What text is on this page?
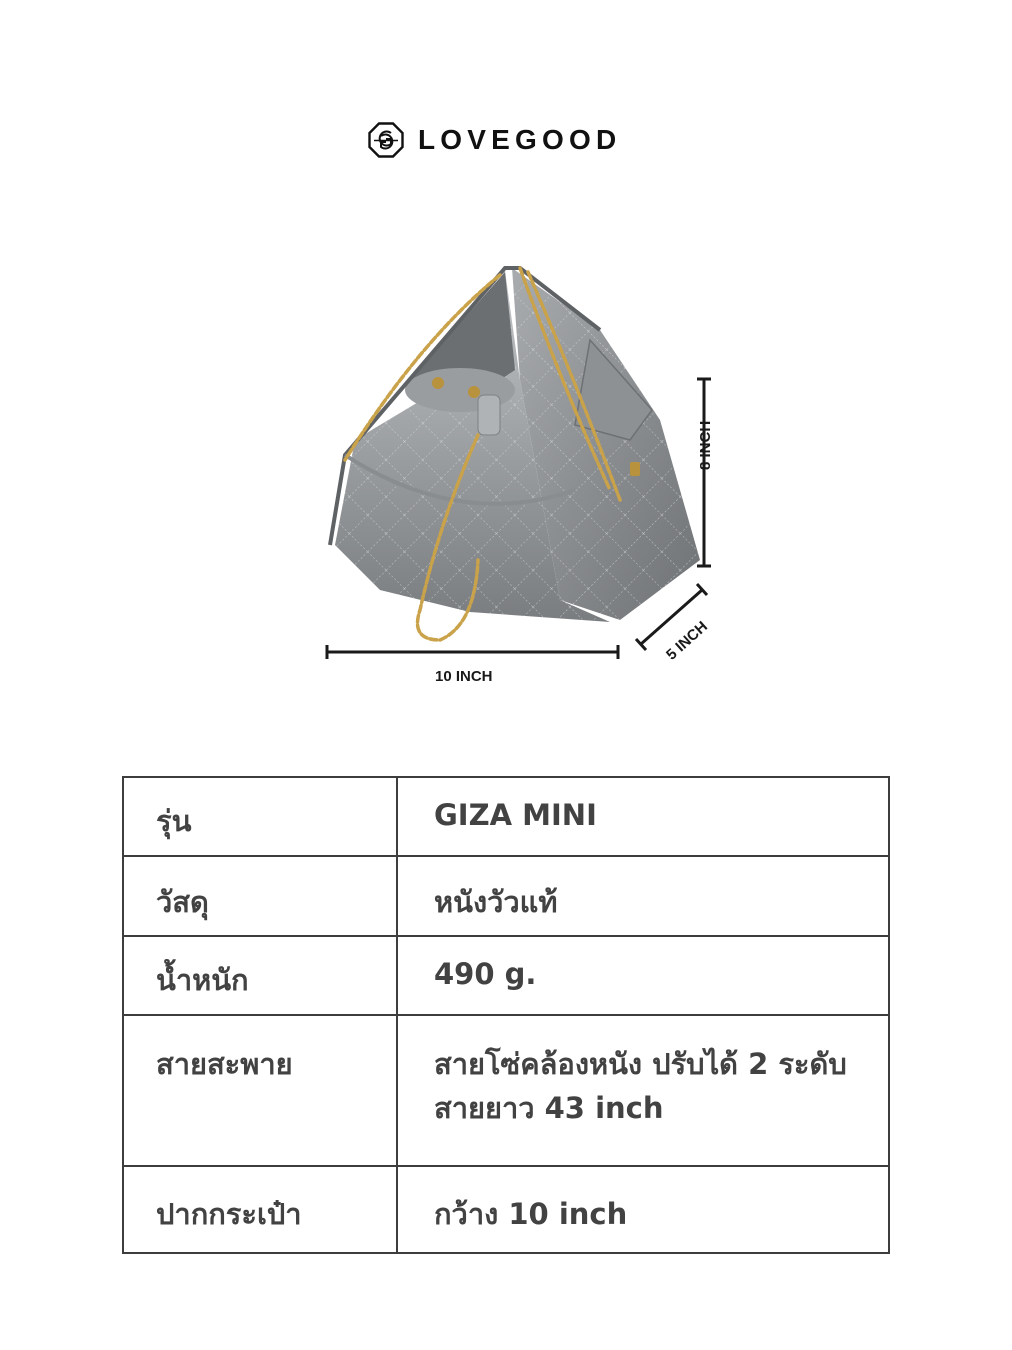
LOVEGOOD
10 INCH
8 INCH
5 INCH
รุ่น	GIZA MINI

วัสดุ	หนังวัวแท้

น้ำหนัก	490 g.

สายสะพาย	สายโซ่คล้องหนัง ปรับได้ 2 ระดับ
สายยาว 43 inch

ปากกระเป๋า	กว้าง 10 inch
